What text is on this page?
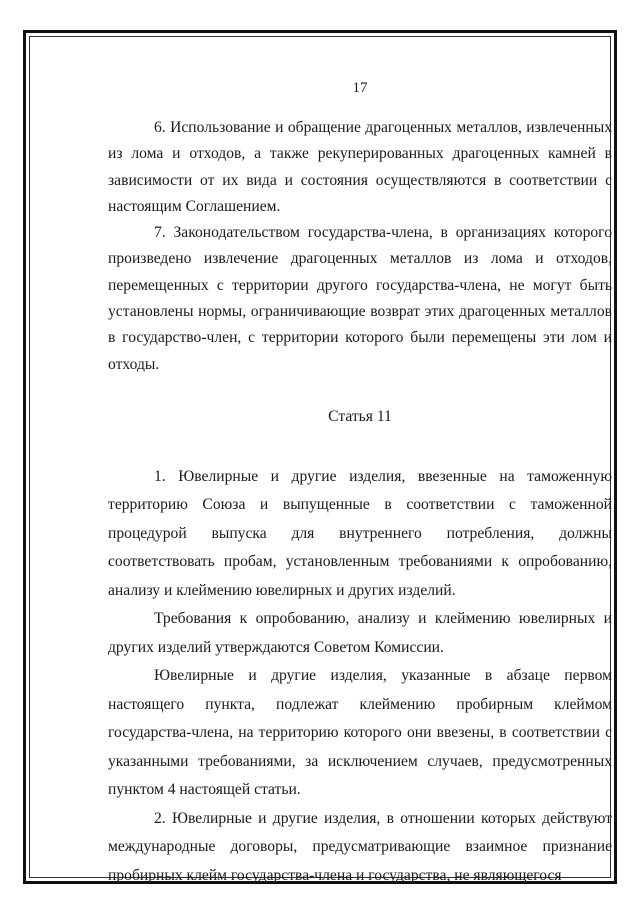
17

6. Использование и обращение драгоценных металлов, извлеченных из лома и отходов, а также рекуперированных драгоценных камней в зависимости от их вида и состояния осуществляются в соответствии с настоящим Соглашением.

7. Законодательством государства-члена, в организациях которого произведено извлечение драгоценных металлов из лома и отходов, перемещенных с территории другого государства-члена, не могут быть установлены нормы, ограничивающие возврат этих драгоценных металлов в государство-член, с территории которого были перемещены эти лом и отходы.

Статья 11

1. Ювелирные и другие изделия, ввезенные на таможенную территорию Союза и выпущенные в соответствии с таможенной процедурой выпуска для внутреннего потребления, должны соответствовать пробам, установленным требованиями к опробованию, анализу и клеймению ювелирных и других изделий.

Требования к опробованию, анализу и клеймению ювелирных и других изделий утверждаются Советом Комиссии.

Ювелирные и другие изделия, указанные в абзаце первом настоящего пункта, подлежат клеймению пробирным клеймом государства-члена, на территорию которого они ввезены, в соответствии с указанными требованиями, за исключением случаев, предусмотренных пунктом 4 настоящей статьи.

2. Ювелирные и другие изделия, в отношении которых действуют международные договоры, предусматривающие взаимное признание пробирных клейм государства-члена и государства, не являющегося
